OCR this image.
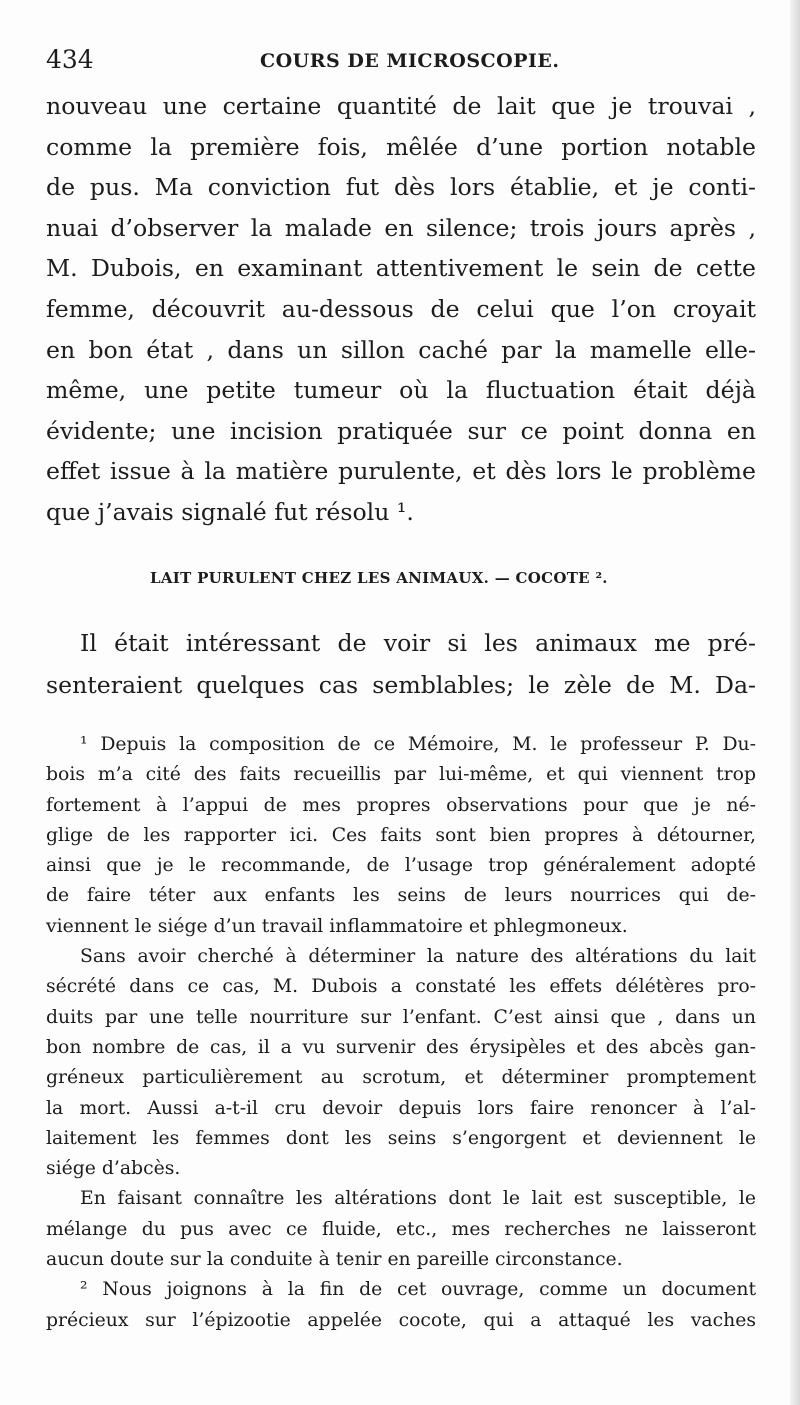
434	COURS DE MICROSCOPIE.
nouveau une certaine quantité de lait que je trouvai ,
comme la première fois, mêlée d’une portion notable
de pus. Ma conviction fut dès lors établie, et je conti-
nuai d’observer la malade en silence; trois jours après ,
M. Dubois, en examinant attentivement le sein de cette
femme, découvrit au-dessous de celui que l’on croyait
en bon état , dans un sillon caché par la mamelle elle-
même, une petite tumeur où la fluctuation était déjà
évidente; une incision pratiquée sur ce point donna en
effet issue à la matière purulente, et dès lors le problème
que j’avais signalé fut résolu ¹.
LAIT PURULENT CHEZ LES ANIMAUX. — COCOTE ².
Il était intéressant de voir si les animaux me pré-
senteraient quelques cas semblables; le zèle de M. Da-
¹ Depuis la composition de ce Mémoire, M. le professeur P. Du-
bois m’a cité des faits recueillis par lui-même, et qui viennent trop
fortement à l’appui de mes propres observations pour que je né-
glige de les rapporter ici. Ces faits sont bien propres à détourner,
ainsi que je le recommande, de l’usage trop généralement adopté
de faire téter aux enfants les seins de leurs nourrices qui de-
viennent le siége d’un travail inflammatoire et phlegmoneux.
Sans avoir cherché à déterminer la nature des altérations du lait
sécrété dans ce cas, M. Dubois a constaté les effets délétères pro-
duits par une telle nourriture sur l’enfant. C’est ainsi que , dans un
bon nombre de cas, il a vu survenir des érysipèles et des abcès gan-
gréneux particulièrement au scrotum, et déterminer promptement
la mort. Aussi a-t-il cru devoir depuis lors faire renoncer à l’al-
laitement les femmes dont les seins s’engorgent et deviennent le
siége d’abcès.
En faisant connaître les altérations dont le lait est susceptible, le
mélange du pus avec ce fluide, etc., mes recherches ne laisseront
aucun doute sur la conduite à tenir en pareille circonstance.
² Nous joignons à la fin de cet ouvrage, comme un document
précieux sur l’épizootie appelée cocote, qui a attaqué les vaches
